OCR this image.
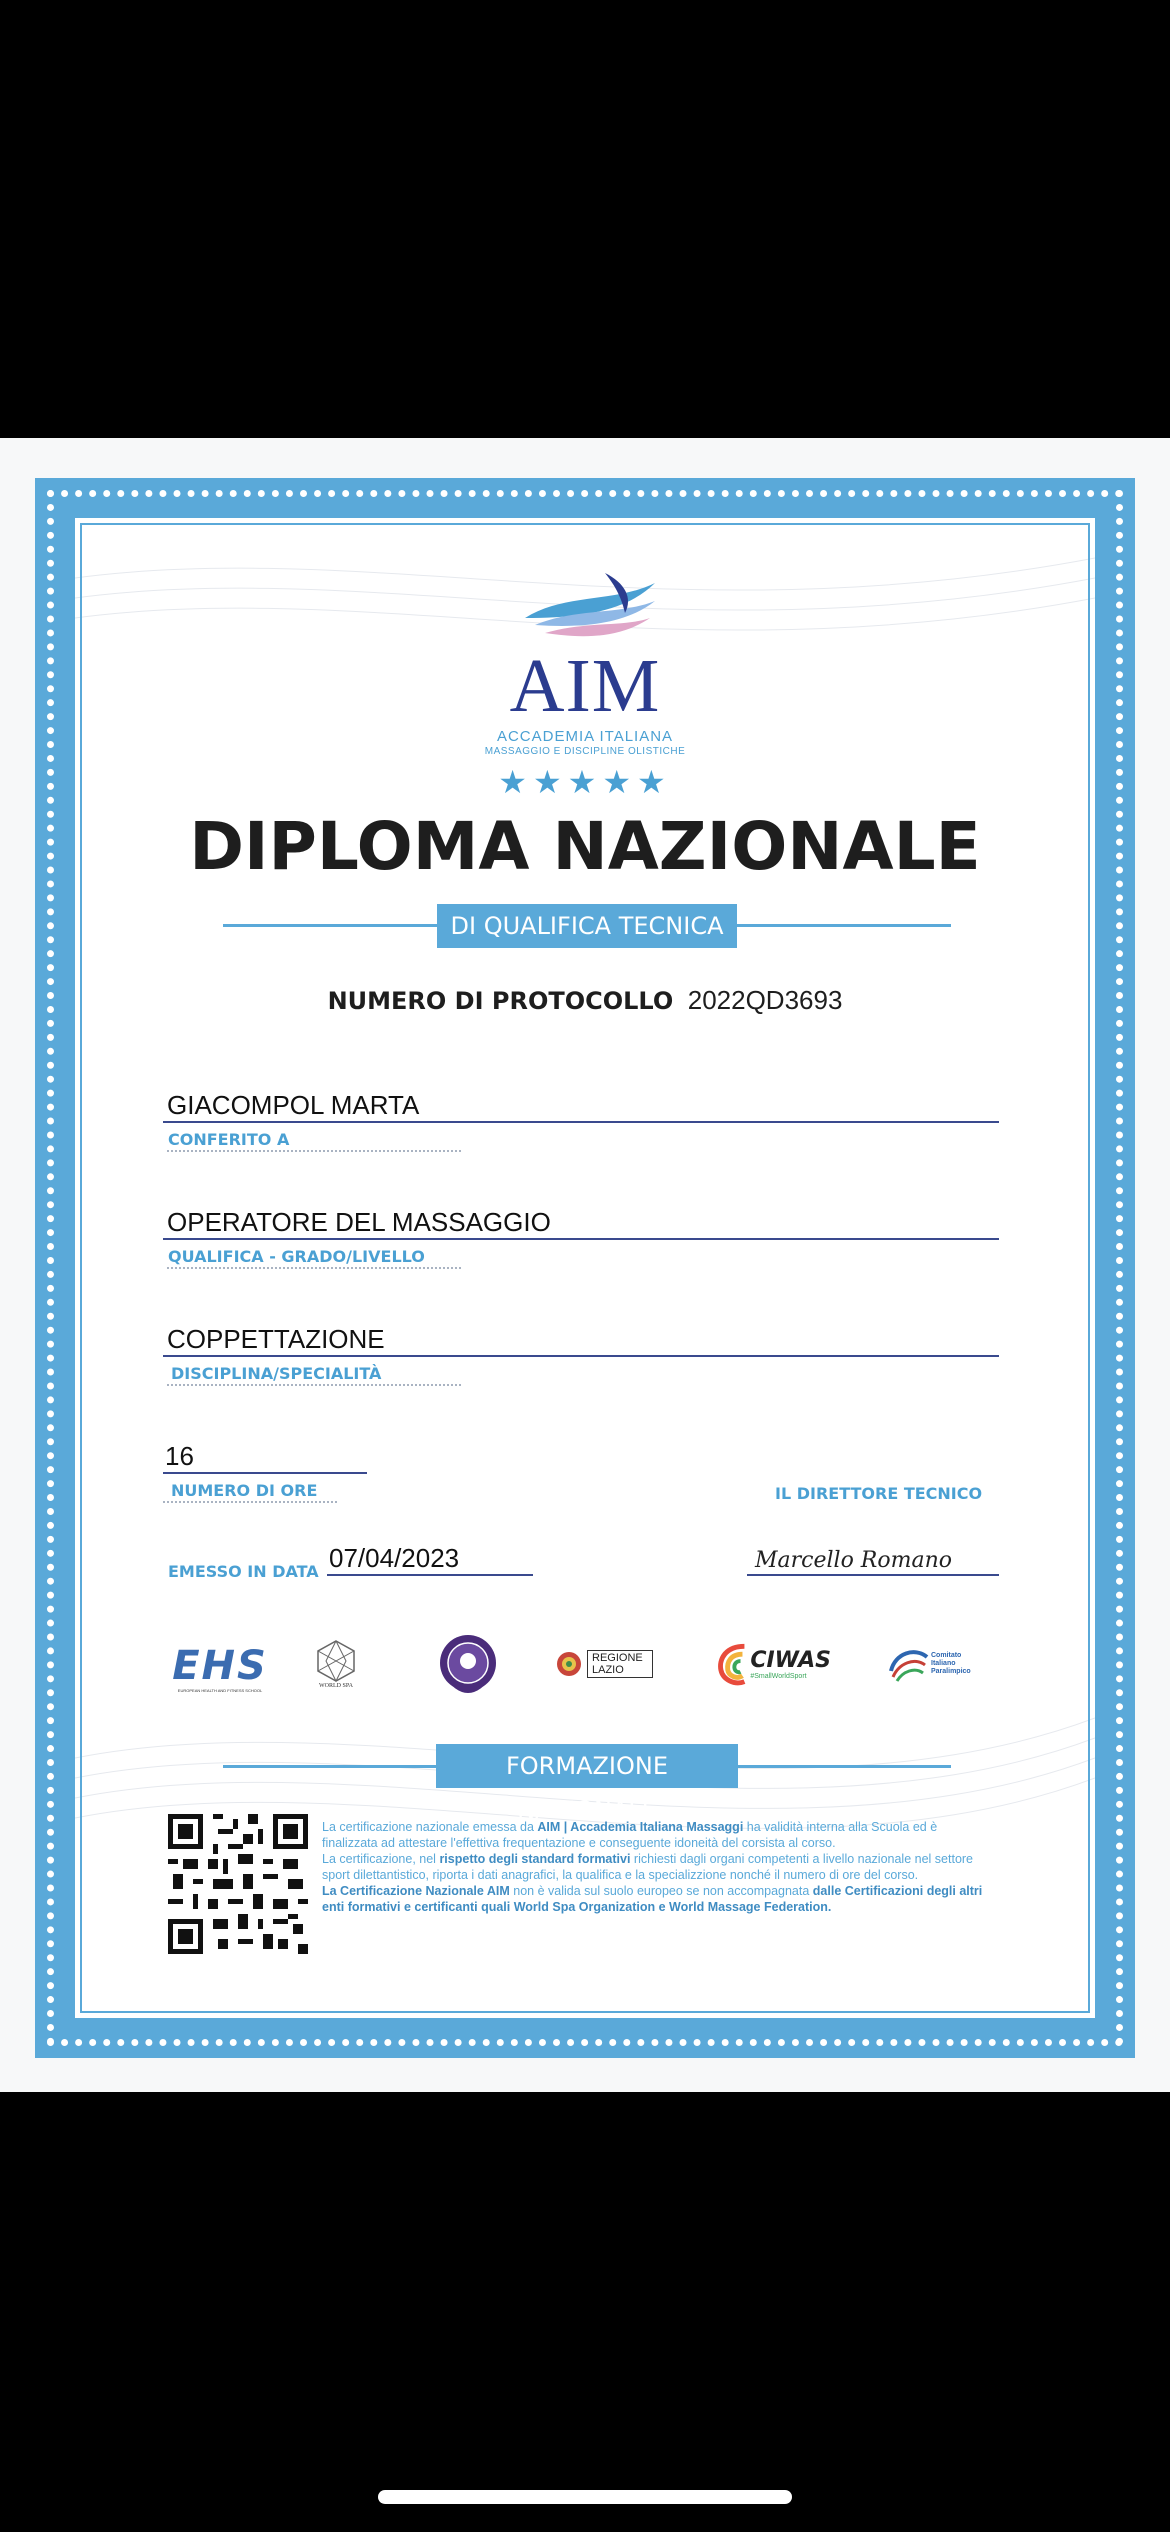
AIM
ACCADEMIA ITALIANA
MASSAGGIO E DISCIPLINE OLISTICHE
★★★★★
DIPLOMA NAZIONALE
DI QUALIFICA TECNICA
NUMERO DI PROTOCOLLO 2022QD3693
GIACOMPOL MARTA
CONFERITO A
OPERATORE DEL MASSAGGIO
QUALIFICA - GRADO/LIVELLO
COPPETTAZIONE
DISCIPLINA/SPECIALITÀ
16
NUMERO DI ORE	IL DIRETTORE TECNICO
EMESSO IN DATA 07/04/2023	Marcello Romano
EHS
EUROPEAN HEALTH AND FITNESS SCHOOL
WORLD SPA
REGIONE LAZIO	CIWAS
#SmallWorldSport
Comitato Italiano Paralimpico
FORMAZIONE NAZIONALE
La certificazione nazionale emessa da AIM | Accademia Italiana Massaggi ha validità interna alla Scuola ed è finalizzata ad attestare l'effettiva frequentazione e conseguente idoneità del corsista al corso.
La certificazione, nel rispetto degli standard formativi richiesti dagli organi competenti a livello nazionale nel settore sport dilettantistico, riporta i dati anagrafici, la qualifica e la specializzione nonché il numero di ore del corso.
La Certificazione Nazionale AIM non è valida sul suolo europeo se non accompagnata dalle Certificazioni degli altri enti formativi e certificanti quali World Spa Organization e World Massage Federation.
